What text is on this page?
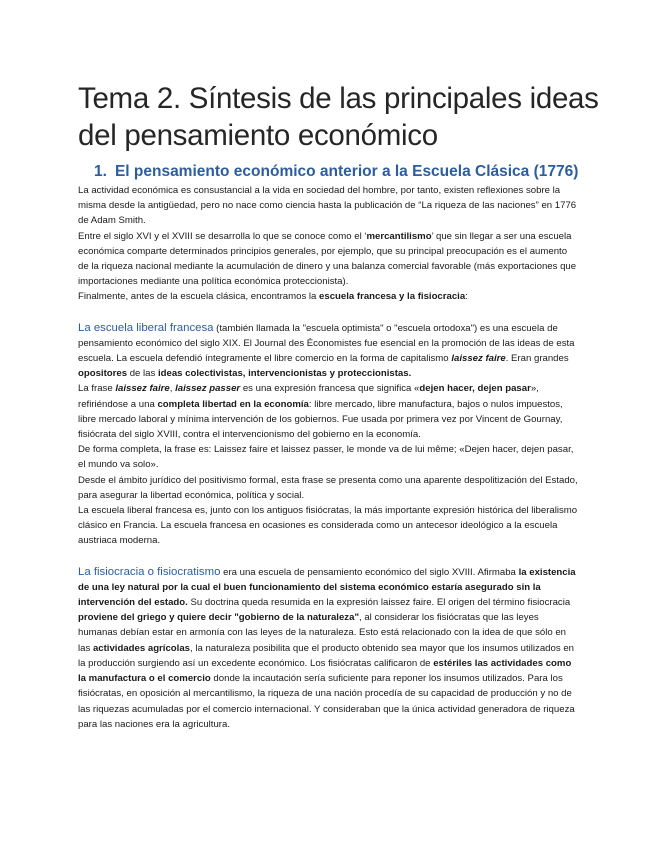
Tema 2. Síntesis de las principales ideas del pensamiento económico
1. El pensamiento económico anterior a la Escuela Clásica (1776)

La actividad económica es consustancial a la vida en sociedad del hombre, por tanto, existen reflexiones sobre la misma desde la antigüedad, pero no nace como ciencia hasta la publicación de “La riqueza de las naciones” en 1776 de Adam Smith.

Entre el siglo XVI y el XVIII se desarrolla lo que se conoce como el ‘mercantilismo’ que sin llegar a ser una escuela económica comparte determinados principios generales, por ejemplo, que su principal preocupación es el aumento de la riqueza nacional mediante la acumulación de dinero y una balanza comercial favorable (más exportaciones que importaciones mediante una política económica proteccionista).

Finalmente, antes de la escuela clásica, encontramos la escuela francesa y la fisiocracia:

La escuela liberal francesa (también llamada la "escuela optimista" o "escuela ortodoxa") es una escuela de pensamiento económico del siglo XIX. El Journal des Économistes fue esencial en la promoción de las ideas de esta escuela. La escuela defendió íntegramente el libre comercio en la forma de capitalismo laissez faire. Eran grandes opositores de las ideas colectivistas, intervencionistas y proteccionistas.

La frase laissez faire, laissez passer es una expresión francesa que significa «dejen hacer, dejen pasar», refiriéndose a una completa libertad en la economía: libre mercado, libre manufactura, bajos o nulos impuestos, libre mercado laboral y mínima intervención de los gobiernos. Fue usada por primera vez por Vincent de Gournay, fisiócrata del siglo XVIII, contra el intervencionismo del gobierno en la economía.

De forma completa, la frase es: Laissez faire et laissez passer, le monde va de lui même; «Dejen hacer, dejen pasar, el mundo va solo».

Desde el ámbito jurídico del positivismo formal, esta frase se presenta como una aparente despolitización del Estado, para asegurar la libertad económica, política y social.

La escuela liberal francesa es, junto con los antiguos fisiócratas, la más importante expresión histórica del liberalismo clásico en Francia. La escuela francesa en ocasiones es considerada como un antecesor ideológico a la escuela austriaca moderna.

La fisiocracia o fisiocratismo era una escuela de pensamiento económico del siglo XVIII. Afirmaba la existencia de una ley natural por la cual el buen funcionamiento del sistema económico estaría asegurado sin la intervención del estado. Su doctrina queda resumida en la expresión laissez faire. El origen del término fisiocracia proviene del griego y quiere decir "gobierno de la naturaleza", al considerar los fisiócratas que las leyes humanas debían estar en armonía con las leyes de la naturaleza. Esto está relacionado con la idea de que sólo en las actividades agrícolas, la naturaleza posibilita que el producto obtenido sea mayor que los insumos utilizados en la producción surgiendo así un excedente económico. Los fisiócratas calificaron de estériles las actividades como la manufactura o el comercio donde la incautación sería suficiente para reponer los insumos utilizados. Para los fisiócratas, en oposición al mercantilismo, la riqueza de una nación procedía de su capacidad de producción y no de las riquezas acumuladas por el comercio internacional. Y consideraban que la única actividad generadora de riqueza para las naciones era la agricultura.
